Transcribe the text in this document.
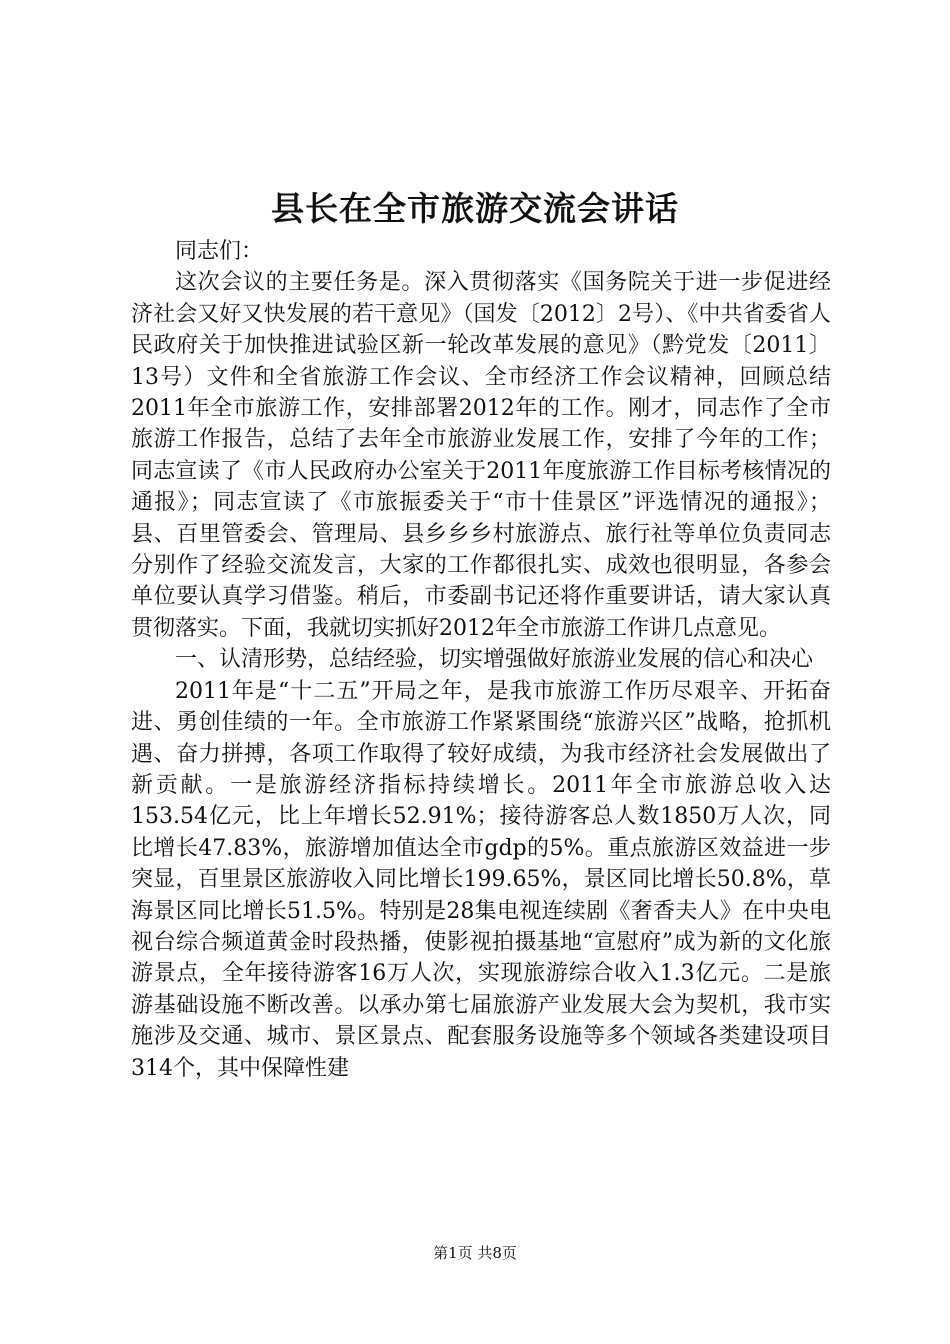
县长在全市旅游交流会讲话

同志们：

这次会议的主要任务是。深入贯彻落实《国务院关于进一步促进经济社会又好又快发展的若干意见》（国发〔2012〕2号）、《中共省委省人民政府关于加快推进试验区新一轮改革发展的意见》（黔党发〔2011〕13号）文件和全省旅游工作会议、全市经济工作会议精神，回顾总结2011年全市旅游工作，安排部署2012年的工作。刚才，同志作了全市旅游工作报告，总结了去年全市旅游业发展工作，安排了今年的工作；同志宣读了《市人民政府办公室关于2011年度旅游工作目标考核情况的通报》；同志宣读了《市旅振委关于“市十佳景区”评选情况的通报》；县、百里管委会、管理局、县乡乡乡村旅游点、旅行社等单位负责同志分别作了经验交流发言，大家的工作都很扎实、成效也很明显，各参会单位要认真学习借鉴。稍后，市委副书记还将作重要讲话，请大家认真贯彻落实。下面，我就切实抓好2012年全市旅游工作讲几点意见。

一、认清形势，总结经验，切实增强做好旅游业发展的信心和决心

2011年是“十二五”开局之年，是我市旅游工作历尽艰辛、开拓奋进、勇创佳绩的一年。全市旅游工作紧紧围绕“旅游兴区”战略，抢抓机遇、奋力拼搏，各项工作取得了较好成绩，为我市经济社会发展做出了新贡献。一是旅游经济指标持续增长。2011年全市旅游总收入达153.54亿元，比上年增长52.91%；接待游客总人数1850万人次，同比增长47.83%，旅游增加值达全市gdp的5%。重点旅游区效益进一步突显，百里景区旅游收入同比增长199.65%，景区同比增长50.8%，草海景区同比增长51.5%。特别是28集电视连续剧《奢香夫人》在中央电视台综合频道黄金时段热播，使影视拍摄基地“宣慰府”成为新的文化旅游景点，全年接待游客16万人次，实现旅游综合收入1.3亿元。二是旅游基础设施不断改善。以承办第七届旅游产业发展大会为契机，我市实施涉及交通、城市、景区景点、配套服务设施等多个领域各类建设项目314个，其中保障性建

第1页 共8页
